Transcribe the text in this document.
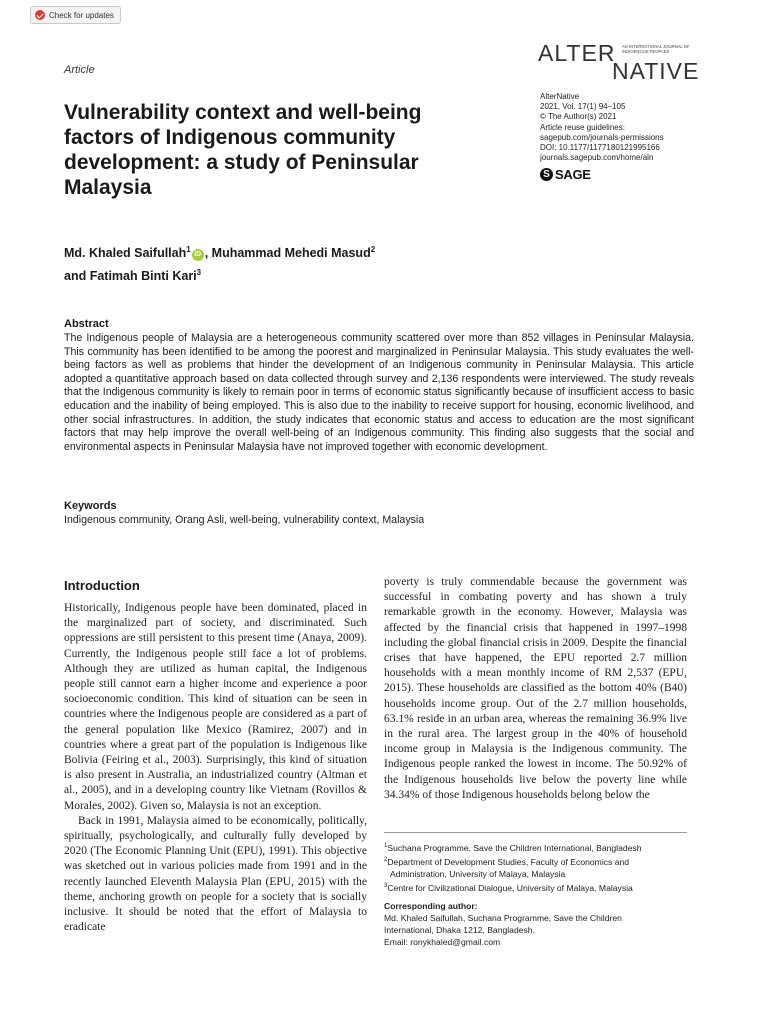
Check for updates
Article
ALTER AN INTERNATIONAL JOURNAL OF INDIGENOUS PEOPLES
NATIVE
Vulnerability context and well-being factors of Indigenous community development: a study of Peninsular Malaysia
AlterNative
2021, Vol. 17(1) 94–105
© The Author(s) 2021
Article reuse guidelines:
sagepub.com/journals-permissions
DOI: 10.1177/1177180121995166
journals.sagepub.com/home/aln
S SAGE
Md. Khaled Saifullah$^1$iD , Muhammad Mehedi Masud$^2$
and Fatimah Binti Kari$^3$
Abstract

The Indigenous people of Malaysia are a heterogeneous community scattered over more than 852 villages in Peninsular Malaysia. This community has been identified to be among the poorest and marginalized in Peninsular Malaysia. This study evaluates the well-being factors as well as problems that hinder the development of an Indigenous community in Peninsular Malaysia. This article adopted a quantitative approach based on data collected through survey and 2,136 respondents were interviewed. The study reveals that the Indigenous community is likely to remain poor in terms of economic status significantly because of insufficient access to basic education and the inability of being employed. This is also due to the inability to receive support for housing, economic livelihood, and other social infrastructures. In addition, the study indicates that economic status and access to education are the most significant factors that may help improve the overall well-being of an Indigenous community. This finding also suggests that the social and environmental aspects in Peninsular Malaysia have not improved together with economic development.

Keywords
Indigenous community, Orang Asli, well-being, vulnerability context, Malaysia
Introduction

Historically, Indigenous people have been dominated, placed in the marginalized part of society, and discriminated. Such oppressions are still persistent to this present time (Anaya, 2009). Currently, the Indigenous people still face a lot of problems. Although they are utilized as human capital, the Indigenous people still cannot earn a higher income and experience a poor socioeconomic condition. This kind of situation can be seen in countries where the Indigenous people are considered as a part of the general population like Mexico (Ramirez, 2007) and in countries where a great part of the population is Indigenous like Bolivia (Feiring et al., 2003). Surprisingly, this kind of situation is also present in Australia, an industrialized country (Altman et al., 2005), and in a developing country like Vietnam (Rovillos & Morales, 2002). Given so, Malaysia is not an exception.

Back in 1991, Malaysia aimed to be economically, politically, spiritually, psychologically, and culturally fully developed by 2020 (The Economic Planning Unit (EPU), 1991). This objective was sketched out in various policies made from 1991 and in the recently launched Eleventh Malaysia Plan (EPU, 2015) with the theme, anchoring growth on people for a society that is socially inclusive. It should be noted that the effort of Malaysia to eradicate

poverty is truly commendable because the government was successful in combating poverty and has shown a truly remarkable growth in the economy. However, Malaysia was affected by the financial crisis that happened in 1997–1998 including the global financial crisis in 2009. Despite the financial crises that have happened, the EPU reported 2.7 million households with a mean monthly income of RM 2,537 (EPU, 2015). These households are classified as the bottom 40% (B40) households income group. Out of the 2.7 million households, 63.1% reside in an urban area, whereas the remaining 36.9% live in the rural area. The largest group in the 40% of household income group in Malaysia is the Indigenous community. The Indigenous people ranked the lowest in income. The 50.92% of the Indigenous households live below the poverty line while 34.34% of those Indigenous households belong below the

$^1$Suchana Programme, Save the Children International, Bangladesh
$^2$Department of Development Studies, Faculty of Economics and
Administration, University of Malaya, Malaysia
$^3$Centre for Civilizational Dialogue, University of Malaya, Malaysia
Corresponding author:
Md. Khaled Saifullah, Suchana Programme, Save the Children
International, Dhaka 1212, Bangladesh.
Email: ronykhaled@gmail.com
